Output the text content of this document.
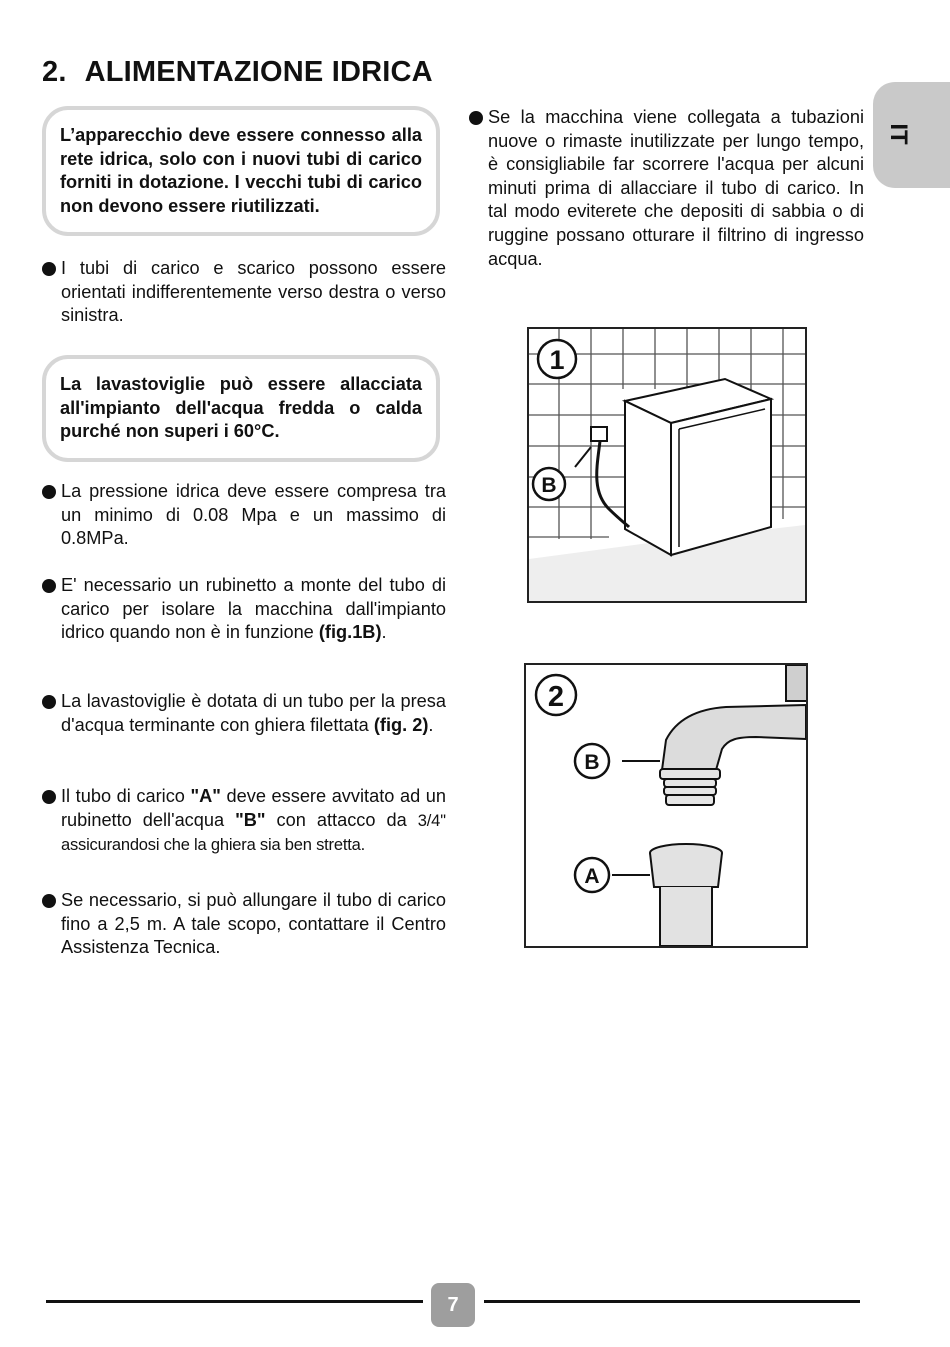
2. ALIMENTAZIONE IDRICA
IT
L’apparecchio deve essere connesso alla rete idrica, solo con i nuovi tubi di carico forniti in dotazione. I vecchi tubi di carico non devono essere riutilizzati.
I tubi di carico e scarico possono essere orientati indifferentemente verso destra o verso sinistra.
La lavastoviglie può essere allacciata all'impianto dell'acqua fredda o calda purché non superi i 60°C.
La pressione idrica deve essere compresa tra un minimo di 0.08 Mpa e un massimo di 0.8MPa.
E' necessario un rubinetto a monte del tubo di carico per isolare la macchina dall'impianto idrico quando non è in funzione (fig.1B).
La lavastoviglie è dotata di un tubo per la presa d'acqua terminante con ghiera filettata (fig. 2).
Il tubo di carico "A" deve essere avvitato ad un rubinetto dell'acqua "B" con attacco da 3/4'' assicurandosi che la ghiera sia ben stretta.
Se necessario, si può allungare il tubo di carico fino a 2,5 m. A tale scopo, contattare il Centro Assistenza Tecnica.
Se la macchina viene collegata a tubazioni nuove o rimaste inutilizzate per lungo tempo, è consigliabile far scorrere l'acqua per alcuni minuti prima di allacciare il tubo di carico. In tal modo eviterete che depositi di sabbia o di ruggine possano otturare il filtrino di ingresso acqua.
1
B
2
B
A
7
